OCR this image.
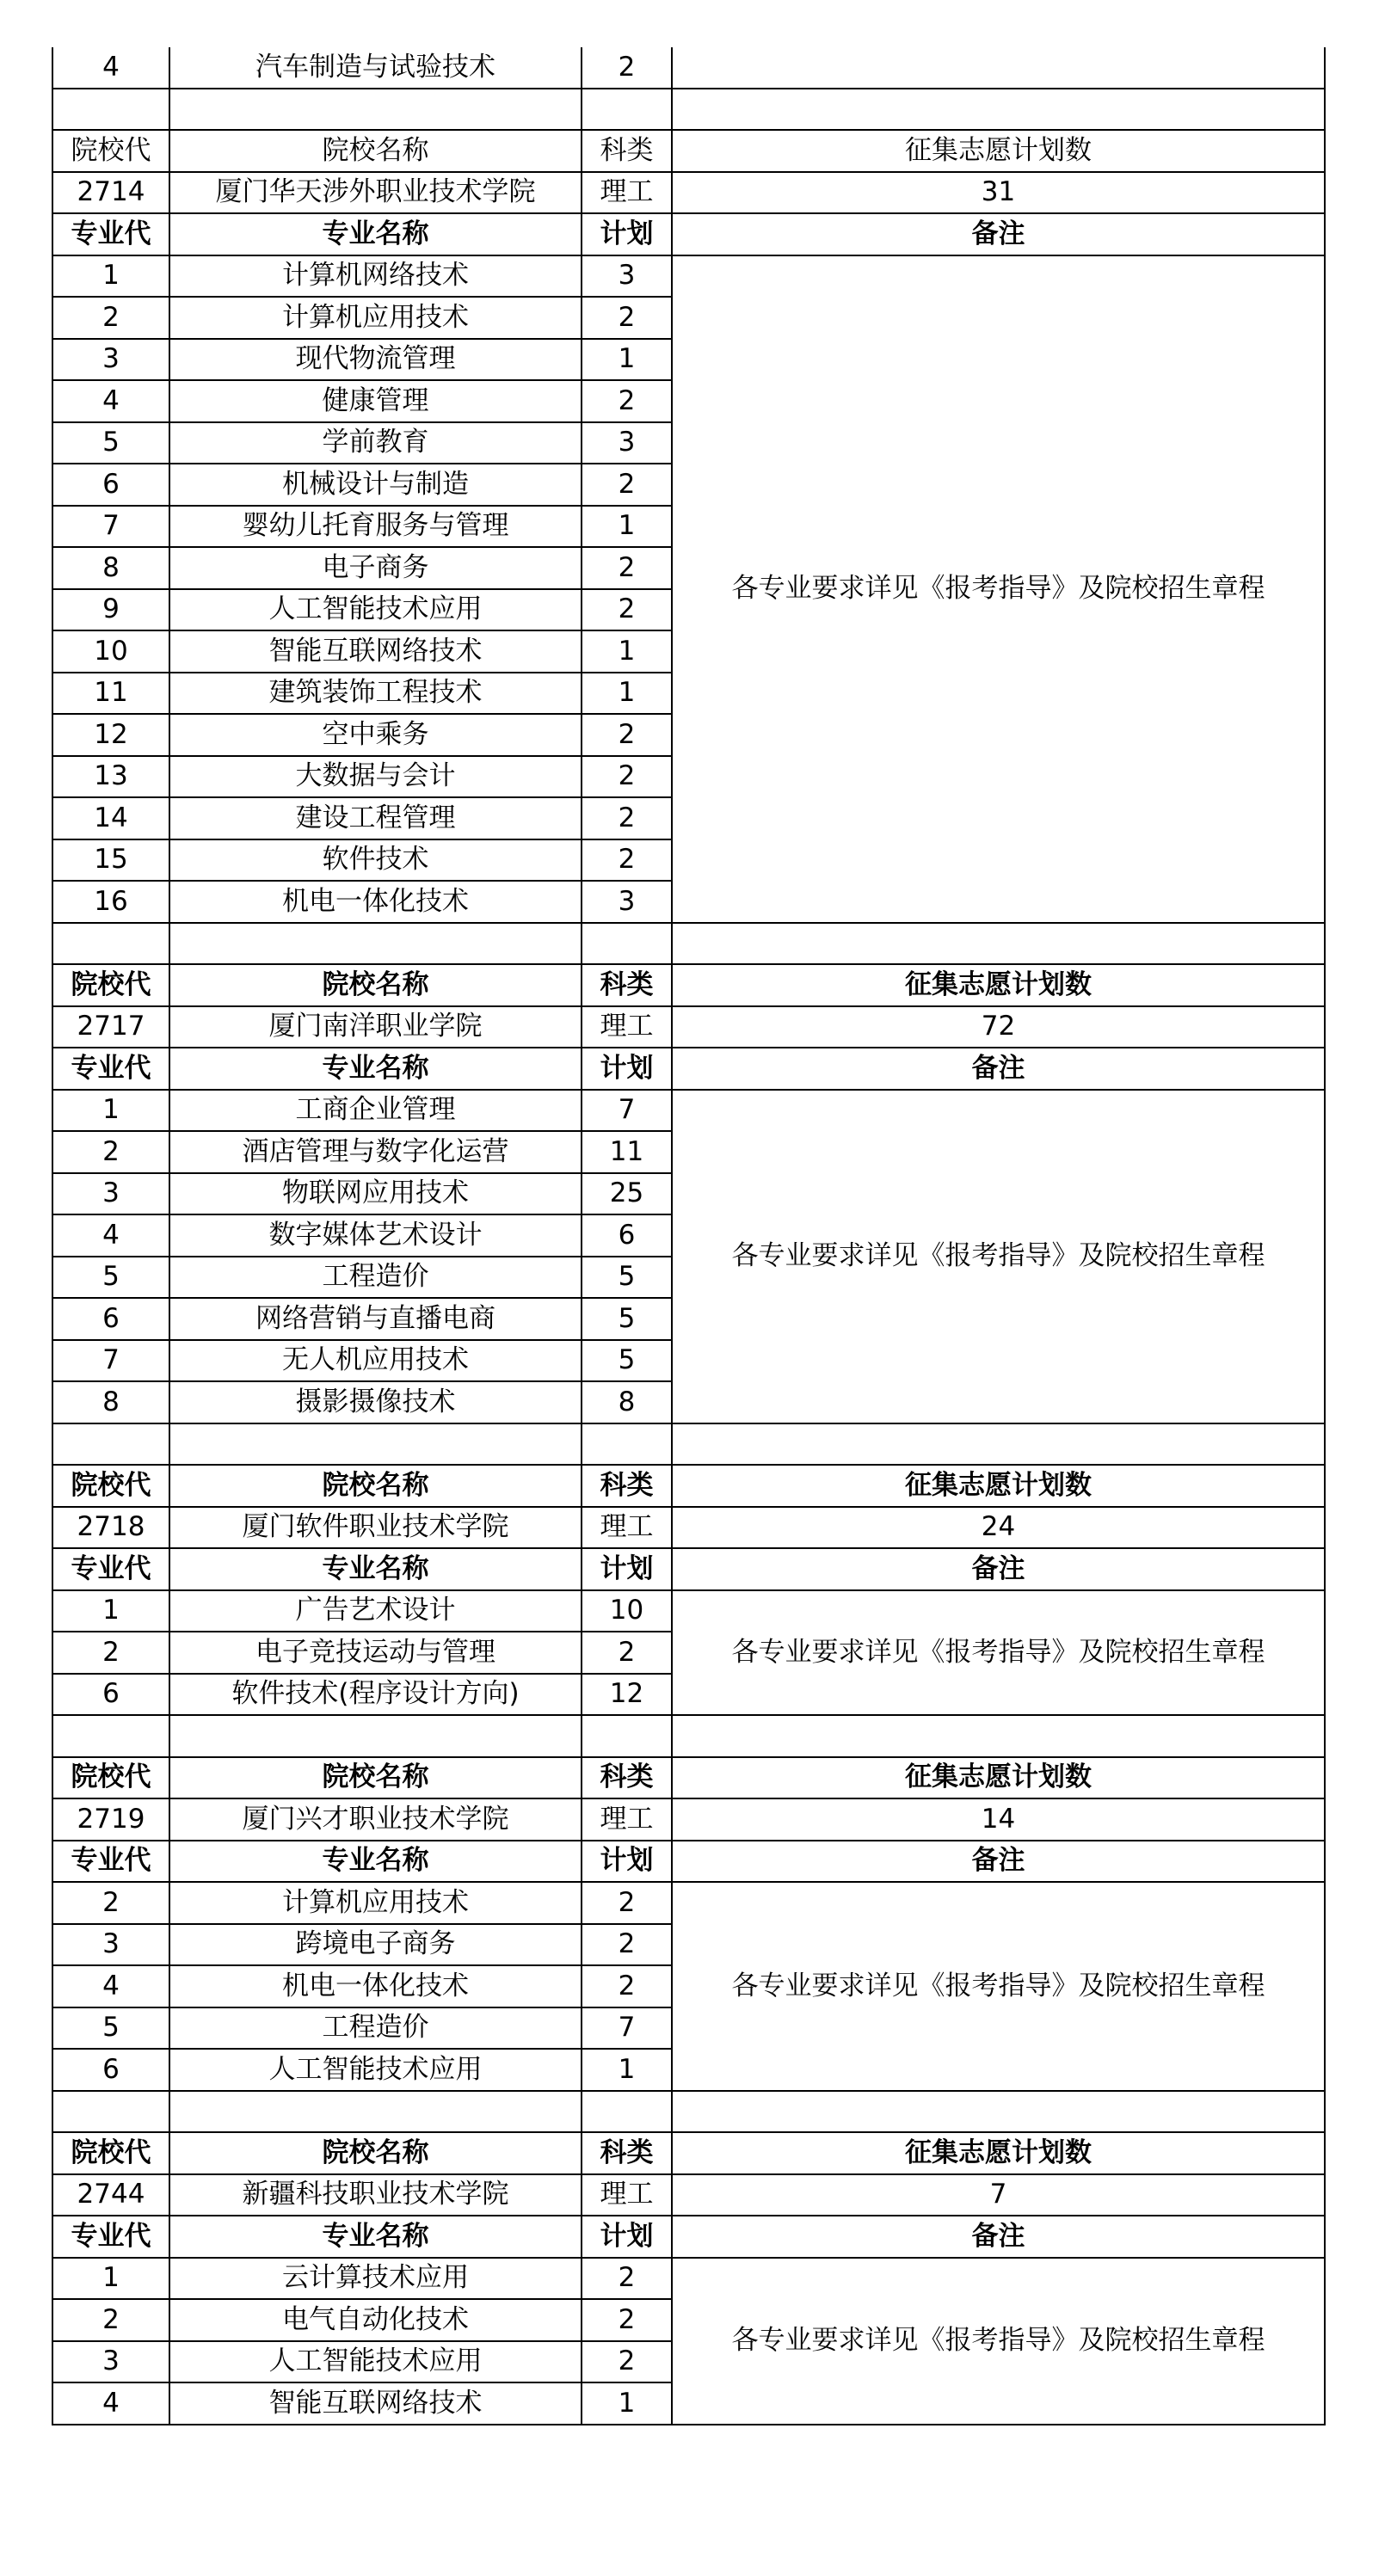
4	汽车制造与试验技术	2	

院校代	院校名称	科类	征集志愿计划数
2714	厦门华天涉外职业技术学院	理工	31
专业代	专业名称	计划	备注
1	计算机网络技术	3	各专业要求详见《报考指导》及院校招生章程
2	计算机应用技术	2	
3	现代物流管理	1	
4	健康管理	2	
5	学前教育	3	
6	机械设计与制造	2	
7	婴幼儿托育服务与管理	1	
8	电子商务	2	
9	人工智能技术应用	2	
10	智能互联网络技术	1	
11	建筑装饰工程技术	1	
12	空中乘务	2	
13	大数据与会计	2	
14	建设工程管理	2	
15	软件技术	2	
16	机电一体化技术	3	

院校代	院校名称	科类	征集志愿计划数
2717	厦门南洋职业学院	理工	72
专业代	专业名称	计划	备注
1	工商企业管理	7	各专业要求详见《报考指导》及院校招生章程
2	酒店管理与数字化运营	11	
3	物联网应用技术	25	
4	数字媒体艺术设计	6	
5	工程造价	5	
6	网络营销与直播电商	5	
7	无人机应用技术	5	
8	摄影摄像技术	8	

院校代	院校名称	科类	征集志愿计划数
2718	厦门软件职业技术学院	理工	24
专业代	专业名称	计划	备注
1	广告艺术设计	10	各专业要求详见《报考指导》及院校招生章程
2	电子竞技运动与管理	2	
6	软件技术(程序设计方向)	12	

院校代	院校名称	科类	征集志愿计划数
2719	厦门兴才职业技术学院	理工	14
专业代	专业名称	计划	备注
2	计算机应用技术	2	各专业要求详见《报考指导》及院校招生章程
3	跨境电子商务	2	
4	机电一体化技术	2	
5	工程造价	7	
6	人工智能技术应用	1	

院校代	院校名称	科类	征集志愿计划数
2744	新疆科技职业技术学院	理工	7
专业代	专业名称	计划	备注
1	云计算技术应用	2	各专业要求详见《报考指导》及院校招生章程
2	电气自动化技术	2	
3	人工智能技术应用	2	
4	智能互联网络技术	1	
